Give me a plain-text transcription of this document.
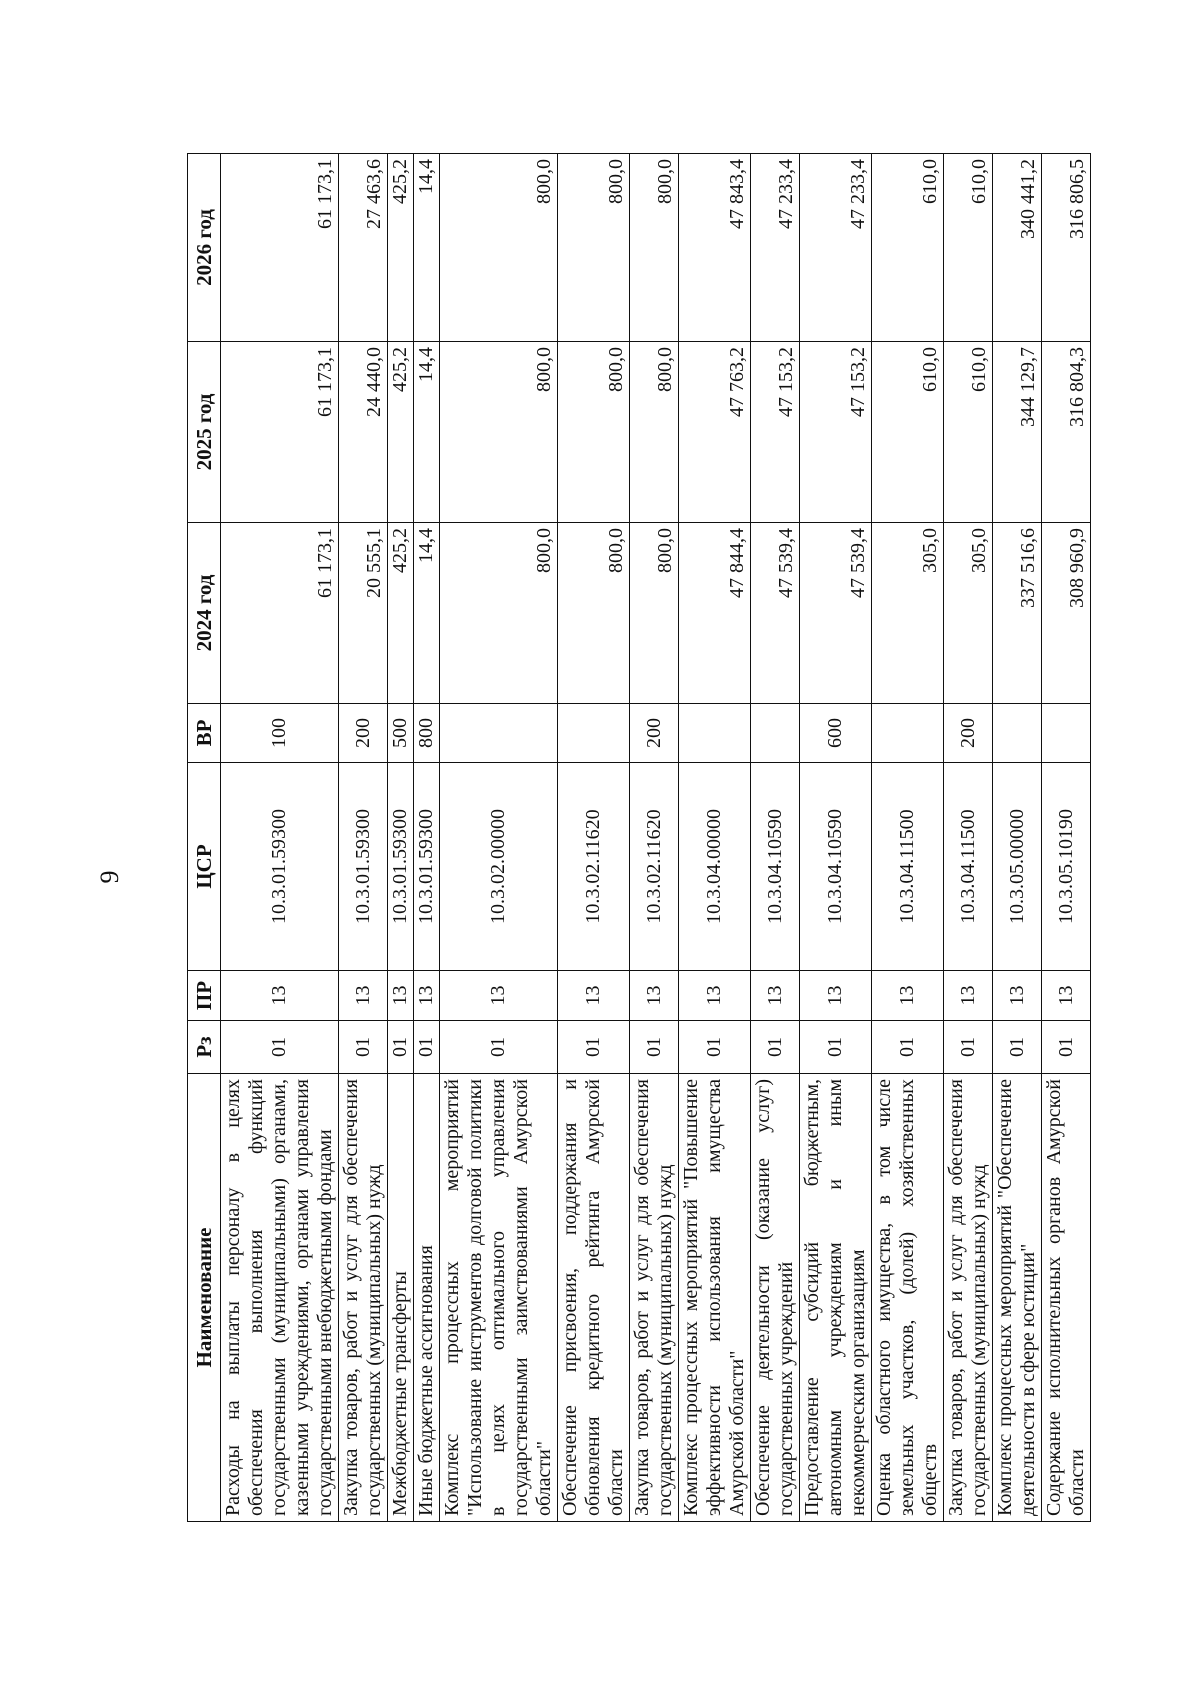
9
Наименование	Рз	ПР	ЦСР	ВР	2024 год	2025 год	2026 год
Расходы на выплаты персоналу в целях обеспечения выполнения функций государственными (муниципальными) органами, казенными учреждениями, органами управления государственными внебюджетными фондами	01	13	10.3.01.59300	100	61 173,1	61 173,1	61 173,1
Закупка товаров, работ и услуг для обеспечения государственных (муниципальных) нужд	01	13	10.3.01.59300	200	20 555,1	24 440,0	27 463,6
Межбюджетные трансферты	01	13	10.3.01.59300	500	425,2	425,2	425,2
Иные бюджетные ассигнования	01	13	10.3.01.59300	800	14,4	14,4	14,4
Комплекс процессных мероприятий "Использование инструментов долговой политики в целях оптимального управления государственными заимствованиями Амурской области"	01	13	10.3.02.00000		800,0	800,0	800,0
Обеспечение присвоения, поддержания и обновления кредитного рейтинга Амурской области	01	13	10.3.02.11620		800,0	800,0	800,0
Закупка товаров, работ и услуг для обеспечения государственных (муниципальных) нужд	01	13	10.3.02.11620	200	800,0	800,0	800,0
Комплекс процессных мероприятий "Повышение эффективности использования имущества Амурской области"	01	13	10.3.04.00000		47 844,4	47 763,2	47 843,4
Обеспечение деятельности (оказание услуг) государственных учреждений	01	13	10.3.04.10590		47 539,4	47 153,2	47 233,4
Предоставление субсидий бюджетным, автономным учреждениям и иным некоммерческим организациям	01	13	10.3.04.10590	600	47 539,4	47 153,2	47 233,4
Оценка областного имущества, в том числе земельных участков, (долей) хозяйственных обществ	01	13	10.3.04.11500		305,0	610,0	610,0
Закупка товаров, работ и услуг для обеспечения государственных (муниципальных) нужд	01	13	10.3.04.11500	200	305,0	610,0	610,0
Комплекс процессных мероприятий "Обеспечение деятельности в сфере юстиции"	01	13	10.3.05.00000		337 516,6	344 129,7	340 441,2
Содержание исполнительных органов Амурской области	01	13	10.3.05.10190		308 960,9	316 804,3	316 806,5
